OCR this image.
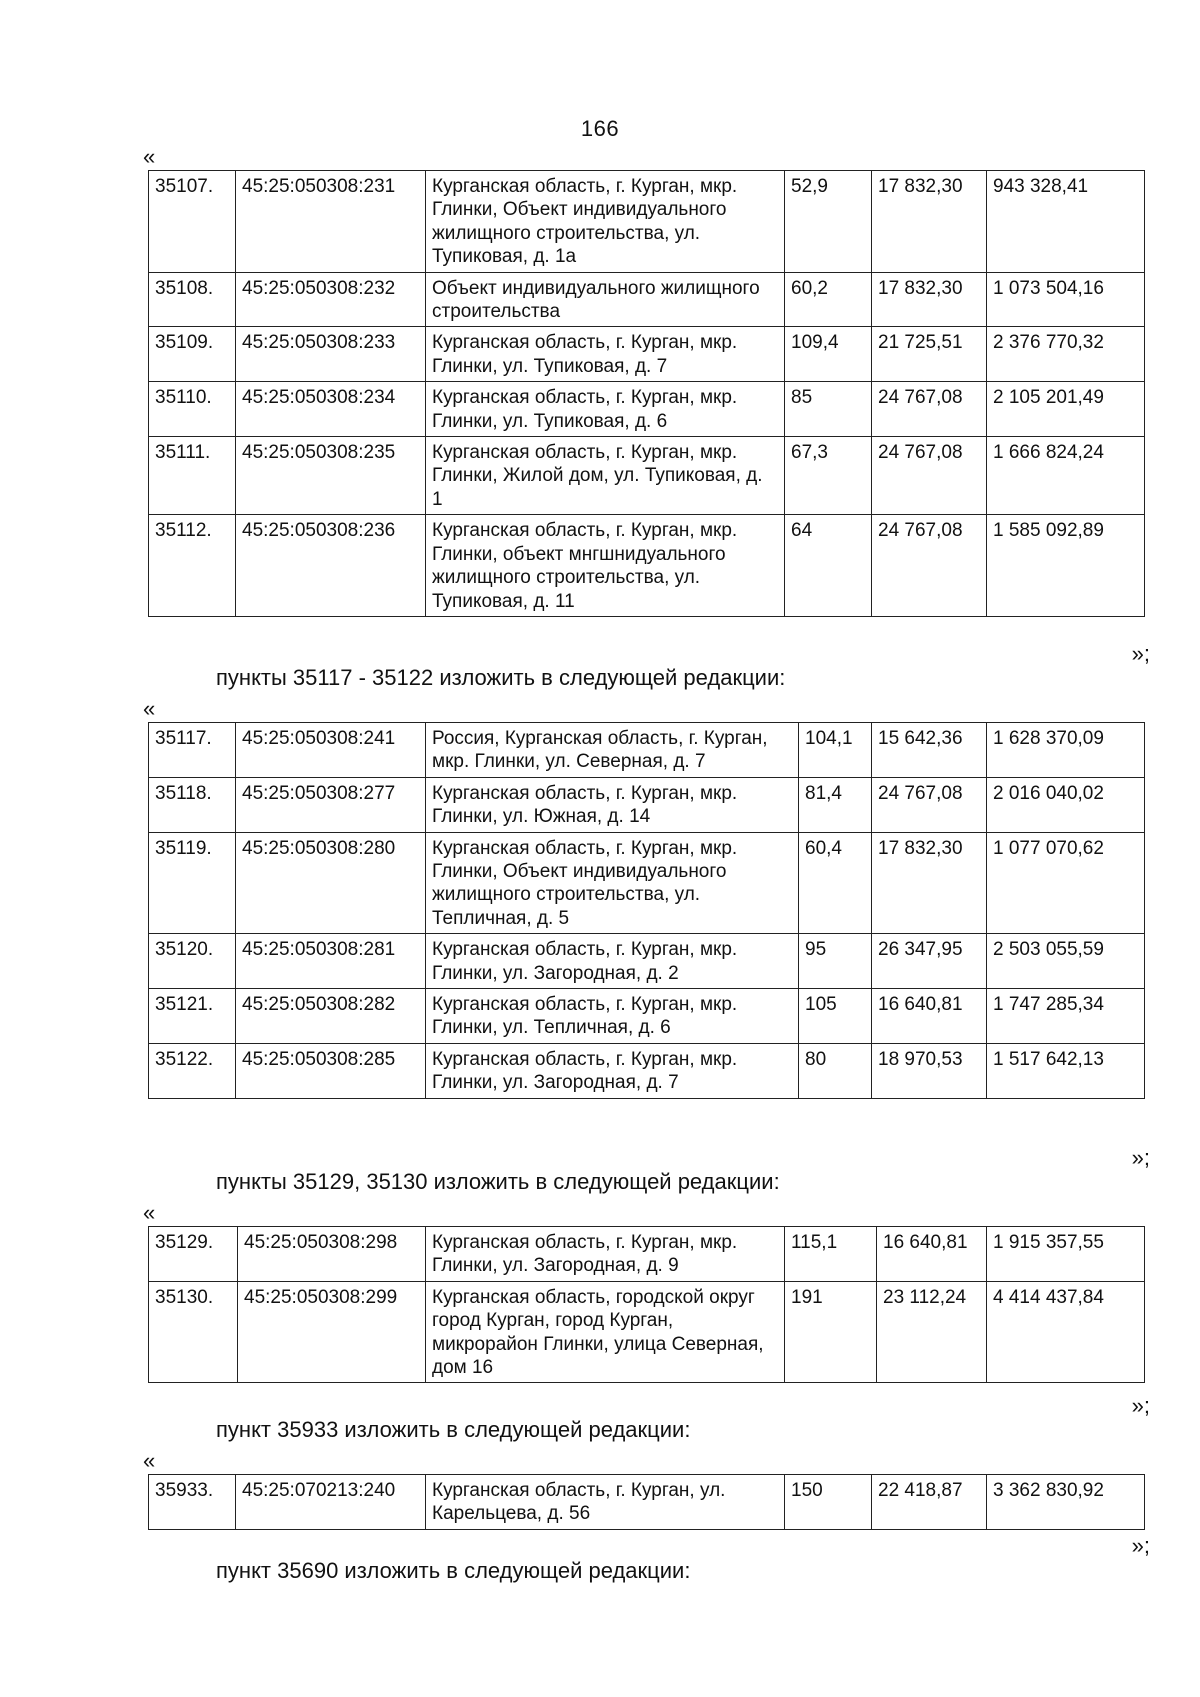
166
«
35107.	45:25:050308:231	Курганская область, г. Курган, мкр. Глинки, Объект индивидуального жилищного строительства, ул. Тупиковая, д. 1а	52,9	17 832,30	943 328,41
35108.	45:25:050308:232	Объект индивидуального жилищного строительства	60,2	17 832,30	1 073 504,16
35109.	45:25:050308:233	Курганская область, г. Курган, мкр. Глинки, ул. Тупиковая, д. 7	109,4	21 725,51	2 376 770,32
35110.	45:25:050308:234	Курганская область, г. Курган, мкр. Глинки, ул. Тупиковая, д. 6	85	24 767,08	2 105 201,49
35111.	45:25:050308:235	Курганская область, г. Курган, мкр. Глинки, Жилой дом, ул. Тупиковая, д. 1	67,3	24 767,08	1 666 824,24
35112.	45:25:050308:236	Курганская область, г. Курган, мкр. Глинки, объект мнгшнидуального жилищного строительства, ул. Тупиковая, д. 11	64	24 767,08	1 585 092,89
»;
пункты 35117 - 35122 изложить в следующей редакции:
«
35117.	45:25:050308:241	Россия, Курганская область, г. Курган, мкр. Глинки, ул. Северная, д. 7	104,1	15 642,36	1 628 370,09
35118.	45:25:050308:277	Курганская область, г. Курган, мкр. Глинки, ул. Южная, д. 14	81,4	24 767,08	2 016 040,02
35119.	45:25:050308:280	Курганская область, г. Курган, мкр. Глинки, Объект индивидуального жилищного строительства, ул. Тепличная, д. 5	60,4	17 832,30	1 077 070,62
35120.	45:25:050308:281	Курганская область, г. Курган, мкр. Глинки, ул. Загородная, д. 2	95	26 347,95	2 503 055,59
35121.	45:25:050308:282	Курганская область, г. Курган, мкр. Глинки, ул. Тепличная, д. 6	105	16 640,81	1 747 285,34
35122.	45:25:050308:285	Курганская область, г. Курган, мкр. Глинки, ул. Загородная, д. 7	80	18 970,53	1 517 642,13
»;
пункты 35129, 35130 изложить в следующей редакции:
«
35129.	45:25:050308:298	Курганская область, г. Курган, мкр. Глинки, ул. Загородная, д. 9	115,1	16 640,81	1 915 357,55
35130.	45:25:050308:299	Курганская область, городской округ город Курган, город Курган, микрорайон Глинки, улица Северная, дом 16	191	23 112,24	4 414 437,84
»;
пункт 35933 изложить в следующей редакции:
«
35933.	45:25:070213:240	Курганская область, г. Курган, ул. Карельцева, д. 56	150	22 418,87	3 362 830,92
»;
пункт 35690 изложить в следующей редакции:
